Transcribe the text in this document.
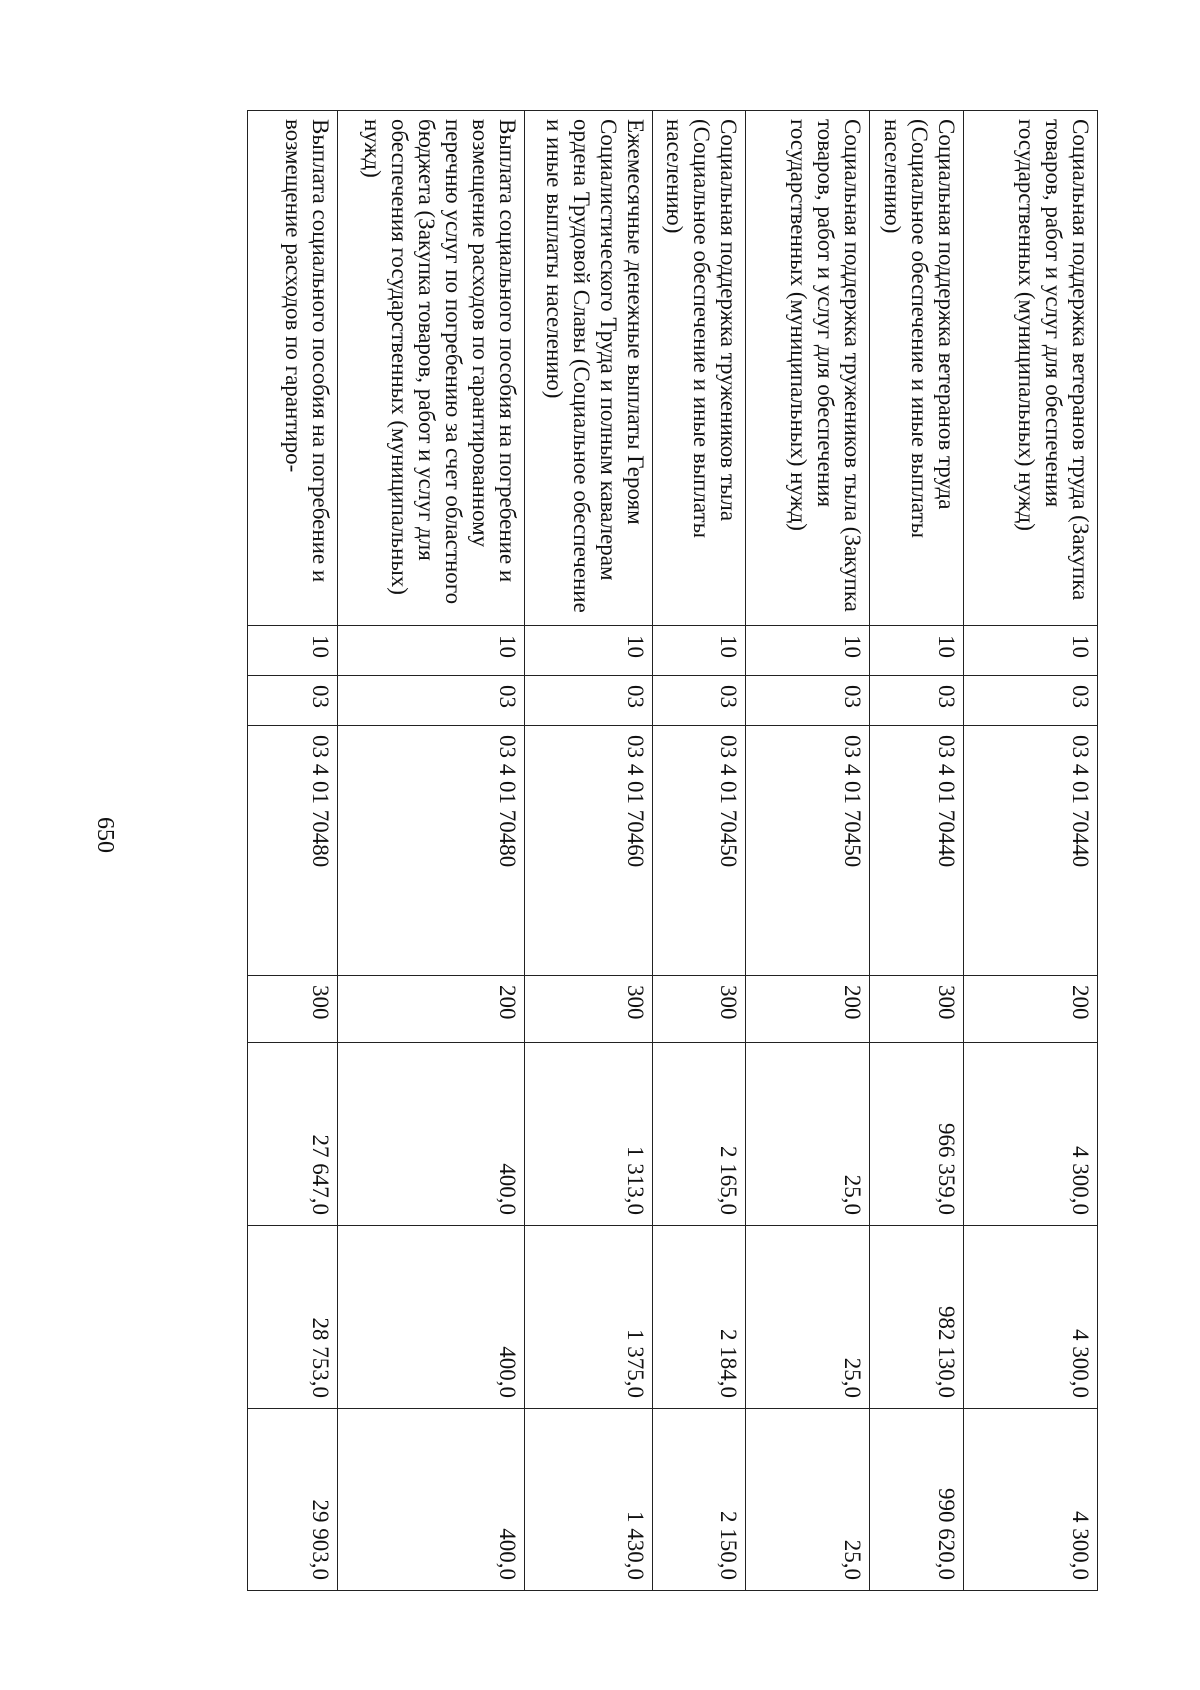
650
Социальная поддержка ветеранов труда (Закупка товаров, работ и услуг для обеспечения государственных (муниципальных) нужд)	10	03	03 4 01 70440	200	4 300,0	4 300,0	4 300,0
Социальная поддержка ветеранов труда (Социальное обеспечение и иные выплаты населению)	10	03	03 4 01 70440	300	966 359,0	982 130,0	990 620,0
Социальная поддержка тружеников тыла (Закупка товаров, работ и услуг для обеспечения государственных (муниципальных) нужд)	10	03	03 4 01 70450	200	25,0	25,0	25,0
Социальная поддержка тружеников тыла (Социальное обеспечение и иные выплаты населению)	10	03	03 4 01 70450	300	2 165,0	2 184,0	2 150,0
Ежемесячные денежные выплаты Героям Социалистического Труда и полным кавалерам ордена Трудовой Славы (Социальное обеспечение и иные выплаты населению)	10	03	03 4 01 70460	300	1 313,0	1 375,0	1 430,0
Выплата социального пособия на погребение и возмещение расходов по гарантированному перечню услуг по погребению за счет областного бюджета (Закупка товаров, работ и услуг для обеспечения государственных (муниципальных) нужд)	10	03	03 4 01 70480	200	400,0	400,0	400,0
Выплата социального пособия на погребение и возмещение расходов по гарантиро-	10	03	03 4 01 70480	300	27 647,0	28 753,0	29 903,0
